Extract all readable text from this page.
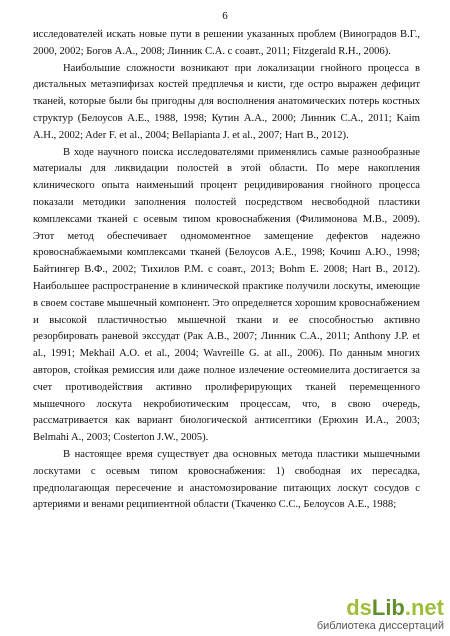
6

исследователей искать новые пути в решении указанных проблем (Виноградов В.Г., 2000, 2002; Богов А.А., 2008; Линник С.А. с соавт., 2011; Fitzgerald R.H., 2006).

Наибольшие сложности возникают при локализации гнойного процесса в дистальных метаэпифизах костей предплечья и кисти, где остро выражен дефицит тканей, которые были бы пригодны для восполнения анатомических потерь костных структур (Белоусов А.Е., 1988, 1998; Кутин А.А., 2000; Линник С.А., 2011; Kaim A.H., 2002; Ader F. et al., 2004; Bellapianta J. et al., 2007; Hart B., 2012).

В ходе научного поиска исследователями применялись самые разнообразные материалы для ликвидации полостей в этой области. По мере накопления клинического опыта наименьший процент рецидивирования гнойного процесса показали методики заполнения полостей посредством несвободной пластики комплексами тканей с осевым типом кровоснабжения (Филимонова М.В., 2009). Этот метод обеспечивает одномоментное замещение дефектов надежно кровоснабжаемыми комплексами тканей (Белоусов А.Е., 1998; Кочиш А.Ю., 1998; Байтингер В.Ф., 2002; Тихилов Р.М. с соавт., 2013; Bohm E. 2008; Hart B., 2012). Наибольшее распространение в клинической практике получили лоскуты, имеющие в своем составе мышечный компонент. Это определяется хорошим кровоснабжением и высокой пластичностью мышечной ткани и ее способностью активно резорбировать раневой экссудат (Рак А.В., 2007; Линник С.А., 2011; Anthony J.P. et al., 1991; Mekhail A.O. et al., 2004; Wavreille G. at all., 2006). По данным многих авторов, стойкая ремиссия или даже полное излечение остеомиелита достигается за счет противодействия активно пролиферирующих тканей перемещенного мышечного лоскута некробиотическим процессам, что, в свою очередь, рассматривается как вариант биологической антисептики (Ерюхин И.А., 2003; Belmahi A., 2003; Costerton J.W., 2005).

В настоящее время существует два основных метода пластики мышечными лоскутами с осевым типом кровоснабжения: 1) свободная их пересадка, предполагающая пересечение и анастомозирование питающих лоскут сосудов с артериями и венами реципиентной области (Ткаченко С.С., Белоусов А.Е., 1988;

dsLib.net
библиотека диссертаций
